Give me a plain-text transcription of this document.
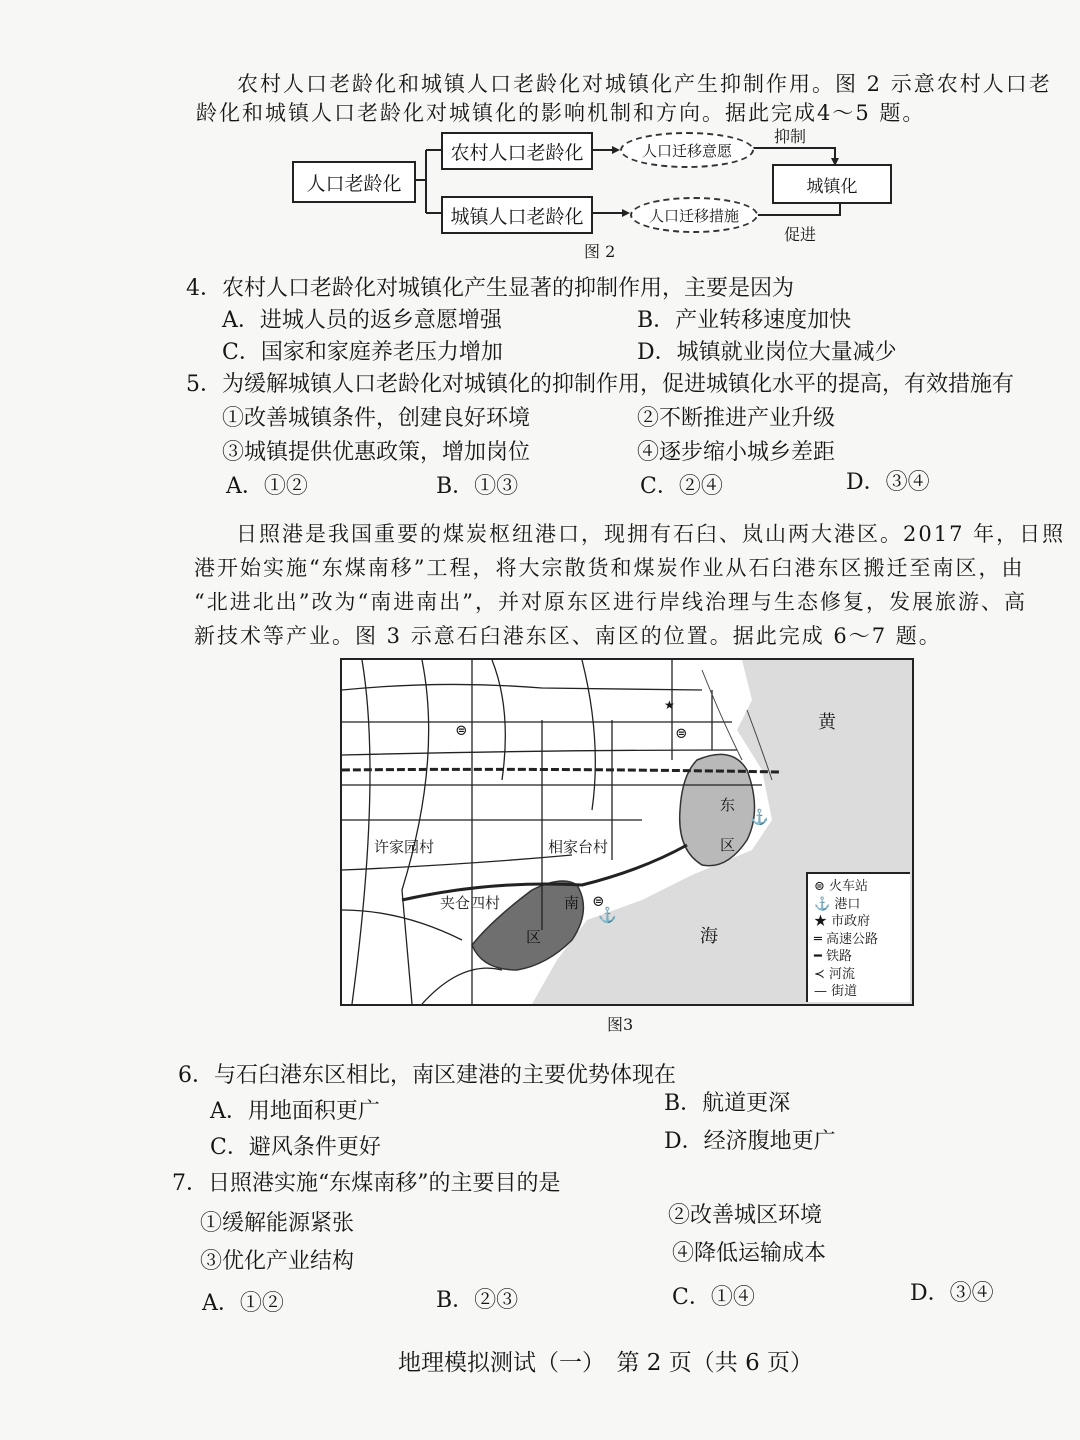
农村人口老龄化和城镇人口老龄化对城镇化产生抑制作用。图 2 示意农村人口老
龄化和城镇人口老龄化对城镇化的影响机制和方向。据此完成4～5 题。
人口老龄化
农村人口老龄化
城镇人口老龄化
人口迁移意愿
人口迁移措施
城镇化
抑制
促进
图 2
4．农村人口老龄化对城镇化产生显著的抑制作用，主要是因为
A．进城人员的返乡意愿增强	B．产业转移速度加快
C．国家和家庭养老压力增加	D．城镇就业岗位大量减少
5．为缓解城镇人口老龄化对城镇化的抑制作用，促进城镇化水平的提高，有效措施有
①改善城镇条件，创建良好环境	②不断推进产业升级
③城镇提供优惠政策，增加岗位	④逐步缩小城乡差距
A．①②	B．①③	C．②④	D．③④
日照港是我国重要的煤炭枢纽港口，现拥有石臼、岚山两大港区。2017 年，日照
港开始实施“东煤南移”工程，将大宗散货和煤炭作业从石臼港东区搬迁至南区，由
“北进北出”改为“南进南出”，并对原东区进行岸线治理与生态修复，发展旅游、高
新技术等产业。图 3 示意石臼港东区、南区的位置。据此完成 6～7 题。
⊜	⊜
⊜
★
⚓
⚓
黄
海
东
区
南
区
许家园村	相家台村
夹仓四村
⊜ 火车站
⚓ 港口
★ 市政府
═ 高速公路
━ 铁路
≺ 河流
— 街道
图3
6．与石臼港东区相比，南区建港的主要优势体现在
A．用地面积更广	B．航道更深
C．避风条件更好	D．经济腹地更广
7．日照港实施“东煤南移”的主要目的是
①缓解能源紧张	②改善城区环境
③优化产业结构	④降低运输成本
A．①②	B．②③	C．①④	D．③④
地理模拟测试（一）　第 2 页（共 6 页）
